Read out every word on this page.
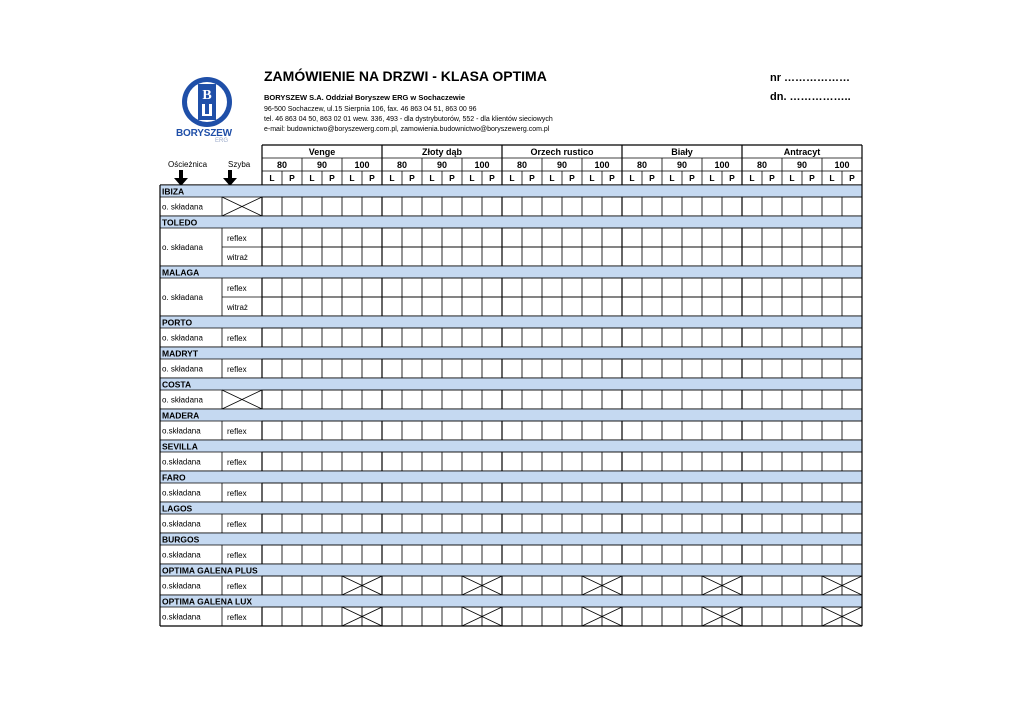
B
BORYSZEW
ERG
ZAMÓWIENIE NA DRZWI - KLASA OPTIMA
BORYSZEW S.A. Oddział Boryszew ERG w Sochaczewie
96-500 Sochaczew, ul.15 Sierpnia 106, fax. 46 863 04 51, 863 00 96
tel. 46 863 04 50, 863 02 01 wew. 336, 493 - dla dystrybutorów, 552 - dla klientów sieciowych
e-mail: budownictwo@boryszewerg.com.pl, zamowienia.budownictwo@boryszewerg.com.pl
nr ………………
dn. ……………..
Ościeżnica	Szyba
Venge
80
L P
90
L P
100
L P
Złoty dąb
80
L P
90
L P
100
L P
Orzech rustico
80
L P
90
L P
100
L P
Biały
80
L P
90
L P
100
L P
Antracyt
80
L P
90
L P
100
L P
IBIZA
o. składana
TOLEDO
reflex
witraż
o. składana
MALAGA
reflex
witraż
o. składana
PORTO
reflex
o. składana
MADRYT
reflex
o. składana
COSTA
o. składana
MADERA
reflex
o.składana
SEVILLA
reflex
o.składana
FARO
reflex
o.składana
LAGOS
reflex
o.składana
BURGOS
reflex
o.składana
OPTIMA GALENA PLUS
reflex
o.składana
OPTIMA GALENA LUX
reflex
o.składana
